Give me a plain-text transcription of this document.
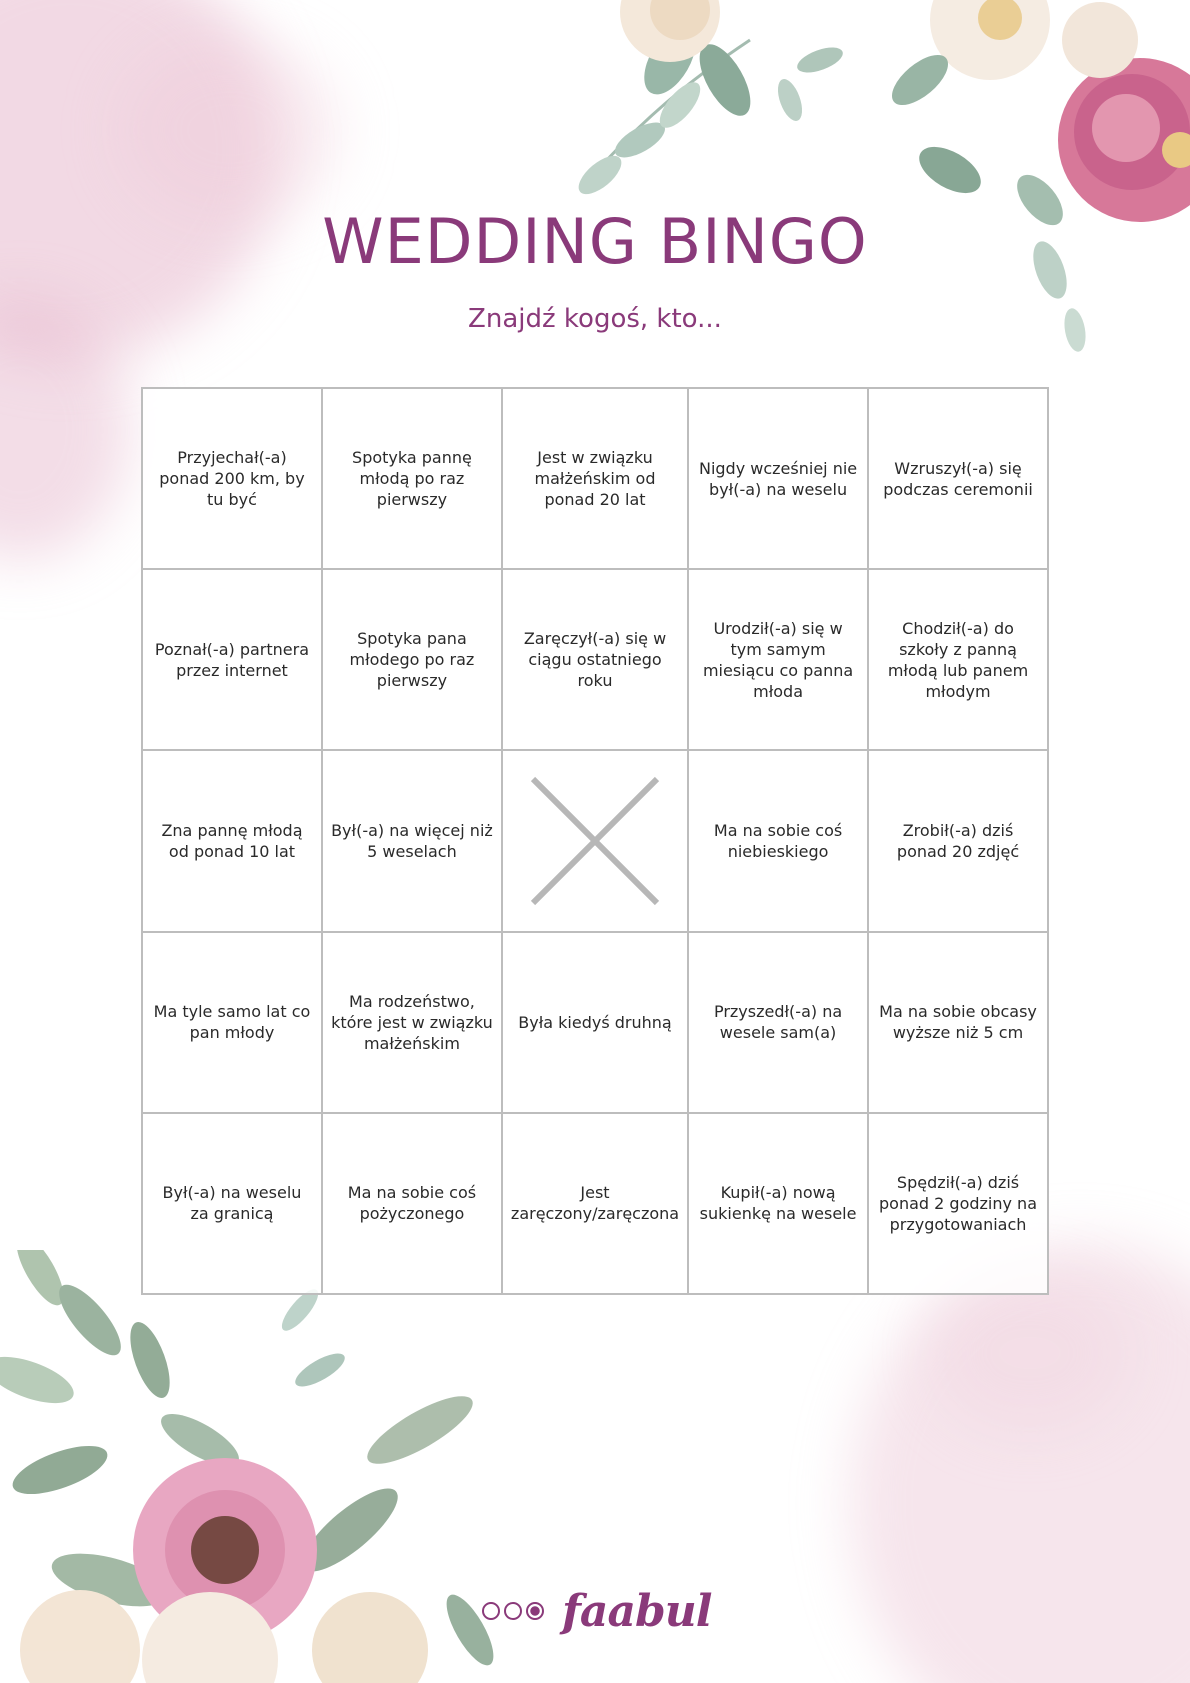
WEDDING BINGO
Znajdź kogoś, kto...
Przyjechał(-a) ponad 200 km, by tu być
Spotyka pannę młodą po raz pierwszy
Jest w związku małżeńskim od ponad 20 lat
Nigdy wcześniej nie był(-a) na weselu
Wzruszył(-a) się podczas ceremonii
Poznał(-a) partnera przez internet
Spotyka pana młodego po raz pierwszy
Zaręczył(-a) się w ciągu ostatniego roku
Urodził(-a) się w tym samym miesiącu co panna młoda
Chodził(-a) do szkoły z panną młodą lub panem młodym
Zna pannę młodą od ponad 10 lat
Był(-a) na więcej niż 5 weselach
Ma na sobie coś niebieskiego
Zrobił(-a) dziś ponad 20 zdjęć
Ma tyle samo lat co pan młody
Ma rodzeństwo, które jest w związku małżeńskim
Była kiedyś druhną
Przyszedł(-a) na wesele sam(a)
Ma na sobie obcasy wyższe niż 5 cm
Był(-a) na weselu za granicą
Ma na sobie coś pożyczonego
Jest zaręczony/zaręczona
Kupił(-a) nową sukienkę na wesele
Spędził(-a) dziś ponad 2 godziny na przygotowaniach
faabul
